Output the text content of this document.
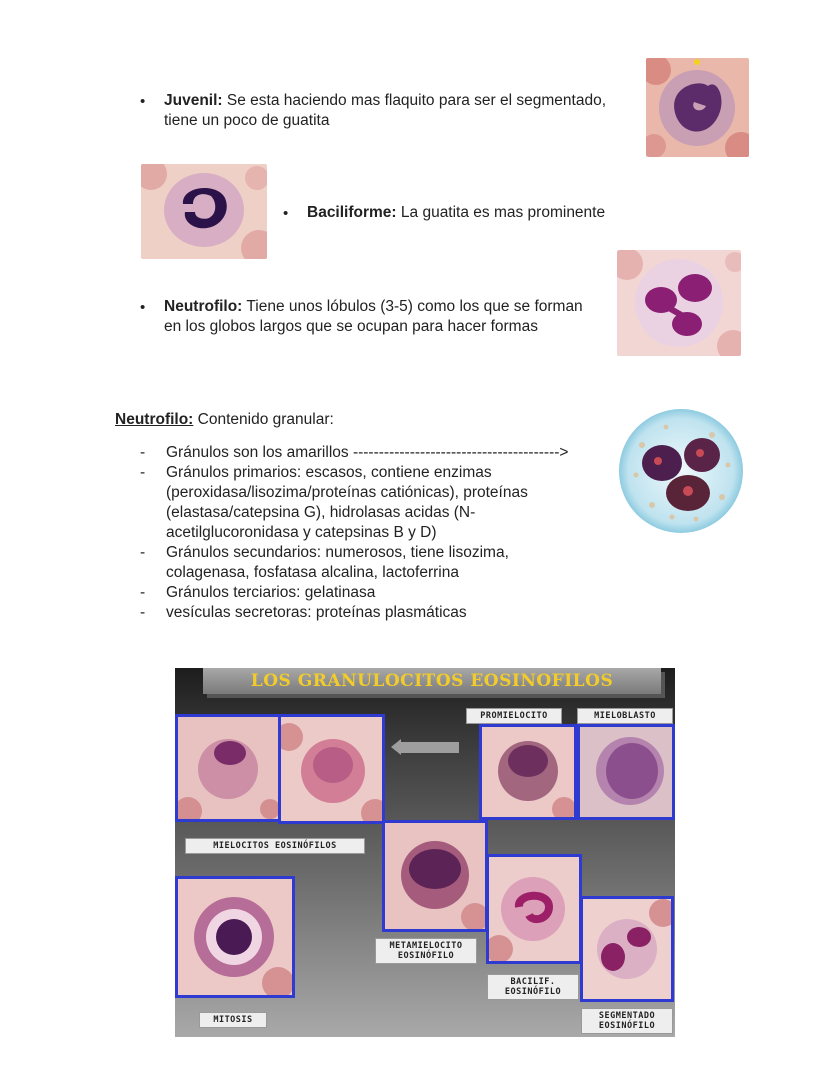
• Juvenil: Se esta haciendo mas flaquito para ser el segmentado,
tiene un poco de guatita
• Baciliforme: La guatita es mas prominente
• Neutrofilo: Tiene unos lóbulos (3-5) como los que se forman
en los globos largos que se ocupan para hacer formas
Neutrofilo: Contenido granular:
- Gránulos son los amarillos ---------------------------------------->
- Gránulos primarios: escasos, contiene enzimas
(peroxidasa/lisozima/proteínas catiónicas), proteínas
(elastasa/catepsina G), hidrolasas acidas (N-
acetilglucoronidasa y catepsinas B y D)
- Gránulos secundarios: numerosos, tiene lisozima,
colagenasa, fosfatasa alcalina, lactoferrina
- Gránulos terciarios: gelatinasa
- vesículas secretoras: proteínas plasmáticas
LOS GRANULOCITOS EOSINOFILOS
PROMIELOCITO	MIELOBLASTO
MIELOCITOS EOSINÓFILOS
METAMIELOCITO
EOSINÓFILO
BACILIF.
EOSINÓFILO
MITOSIS	SEGMENTADO
EOSINÓFILO
